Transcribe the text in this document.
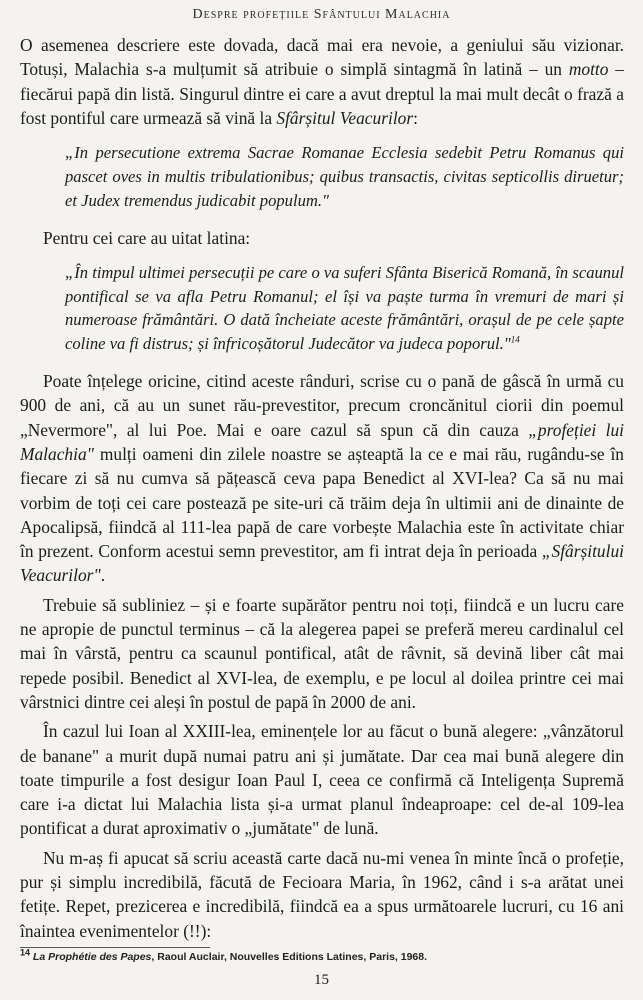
Despre profețiile Sfântului Malachia

O asemenea descriere este dovada, dacă mai era nevoie, a geniului său vizionar. Totuși, Malachia s-a mulțumit să atribuie o simplă sintagmă în latină – un motto – fiecărui papă din listă. Singurul dintre ei care a avut dreptul la mai mult decât o frază a fost pontiful care urmează să vină la Sfârșitul Veacurilor:

„In persecutione extrema Sacrae Romanae Ecclesia sedebit Petru Romanus qui pascet oves in multis tribulationibus; quibus transactis, civitas septicollis diruetur; et Judex tremendus judicabit populum."

Pentru cei care au uitat latina:

„În timpul ultimei persecuții pe care o va suferi Sfânta Biserică Romană, în scaunul pontifical se va afla Petru Romanul; el își va paște turma în vremuri de mari și numeroase frământări. O dată încheiate aceste frământări, orașul de pe cele șapte coline va fi distrus; și înfricoșătorul Judecător va judeca poporul."$^{14}$

Poate înțelege oricine, citind aceste rânduri, scrise cu o pană de gâscă în urmă cu 900 de ani, că au un sunet rău-prevestitor, precum croncănitul ciorii din poemul „Nevermore", al lui Poe. Mai e oare cazul să spun că din cauza „profeției lui Malachia" mulți oameni din zilele noastre se așteaptă la ce e mai rău, rugându-se în fiecare zi să nu cumva să pățească ceva papa Benedict al XVI-lea? Ca să nu mai vorbim de toți cei care postează pe site-uri că trăim deja în ultimii ani de dinainte de Apocalipsă, fiindcă al 111-lea papă de care vorbește Malachia este în activitate chiar în prezent. Conform acestui semn prevestitor, am fi intrat deja în perioada „Sfârșitului Veacurilor".

Trebuie să subliniez – și e foarte supărător pentru noi toți, fiindcă e un lucru care ne apropie de punctul terminus – că la alegerea papei se preferă mereu cardinalul cel mai în vârstă, pentru ca scaunul pontifical, atât de râvnit, să devină liber cât mai repede posibil. Benedict al XVI-lea, de exemplu, e pe locul al doilea printre cei mai vârstnici dintre cei aleși în postul de papă în 2000 de ani.

În cazul lui Ioan al XXIII-lea, eminențele lor au făcut o bună alegere: „vânzătorul de banane" a murit după numai patru ani și jumătate. Dar cea mai bună alegere din toate timpurile a fost desigur Ioan Paul I, ceea ce confirmă că Inteligența Supremă care i-a dictat lui Malachia lista și-a urmat planul îndeaproape: cel de-al 109-lea pontificat a durat aproximativ o „jumătate" de lună.

Nu m-aș fi apucat să scriu această carte dacă nu-mi venea în minte încă o profeție, pur și simplu incredibilă, făcută de Fecioara Maria, în 1962, când i s-a arătat unei fetițe. Repet, prezicerea e incredibilă, fiindcă ea a spus următoarele lucruri, cu 16 ani înaintea evenimentelor (!!):

$^{14}$ La Prophétie des Papes, Raoul Auclair, Nouvelles Editions Latines, Paris, 1968.
15
